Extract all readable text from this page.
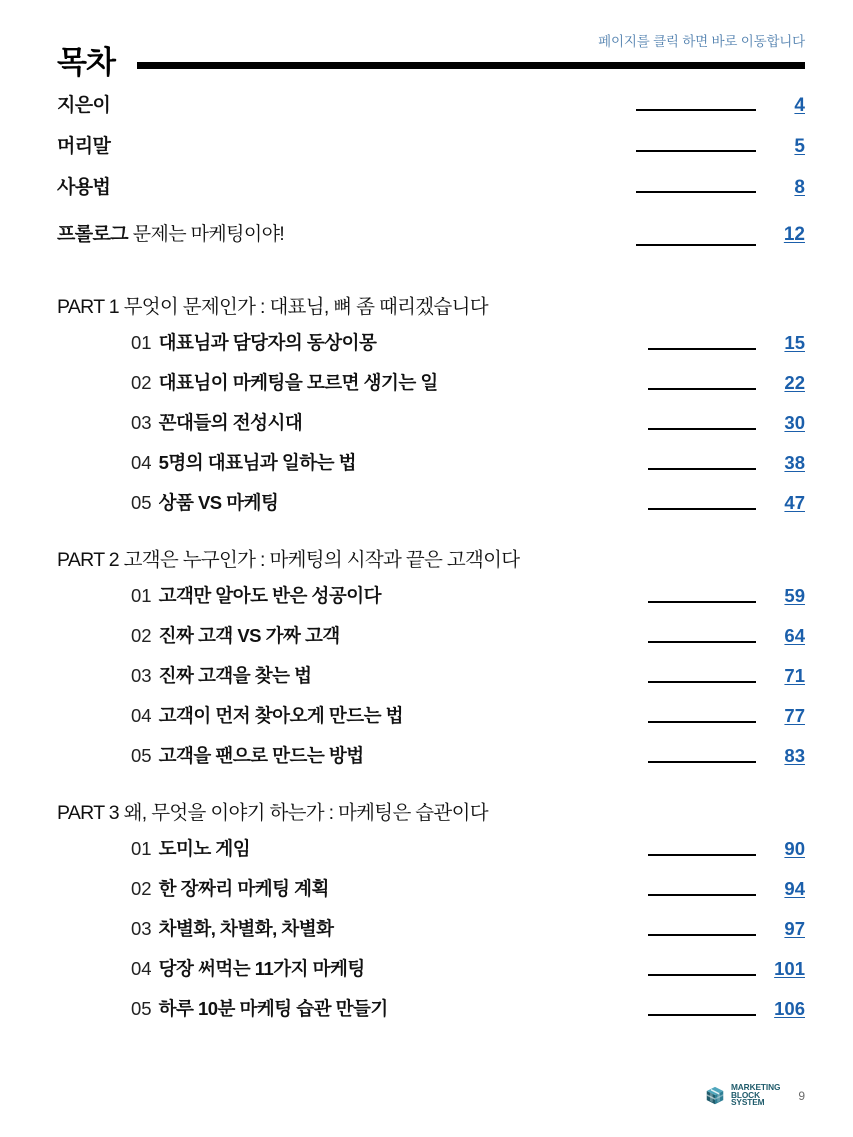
페이지를 클릭 하면 바로 이동합니다
목차
지은이	4
머리말	5
사용법	8
프롤로그 문제는 마케팅이야!	12
PART 1 무엇이 문제인가 : 대표님, 뼈 좀 때리겠습니다
01 대표님과 담당자의 동상이몽	15
02 대표님이 마케팅을 모르면 생기는 일	22
03 꼰대들의 전성시대	30
04 5명의 대표님과 일하는 법	38
05 상품 VS 마케팅	47
PART 2 고객은 누구인가 : 마케팅의 시작과 끝은 고객이다
01 고객만 알아도 반은 성공이다	59
02 진짜 고객 VS 가짜 고객	64
03 진짜 고객을 찾는 법	71
04 고객이 먼저 찾아오게 만드는 법	77
05 고객을 팬으로 만드는 방법	83
PART 3 왜, 무엇을 이야기 하는가 : 마케팅은 습관이다
01 도미노 게임	90
02 한 장짜리 마케팅 계획	94
03 차별화, 차별화, 차별화	97
04 당장 써먹는 11가지 마케팅	101
05 하루 10분 마케팅 습관 만들기	106
MARKETING
BLOCK
SYSTEM	9
